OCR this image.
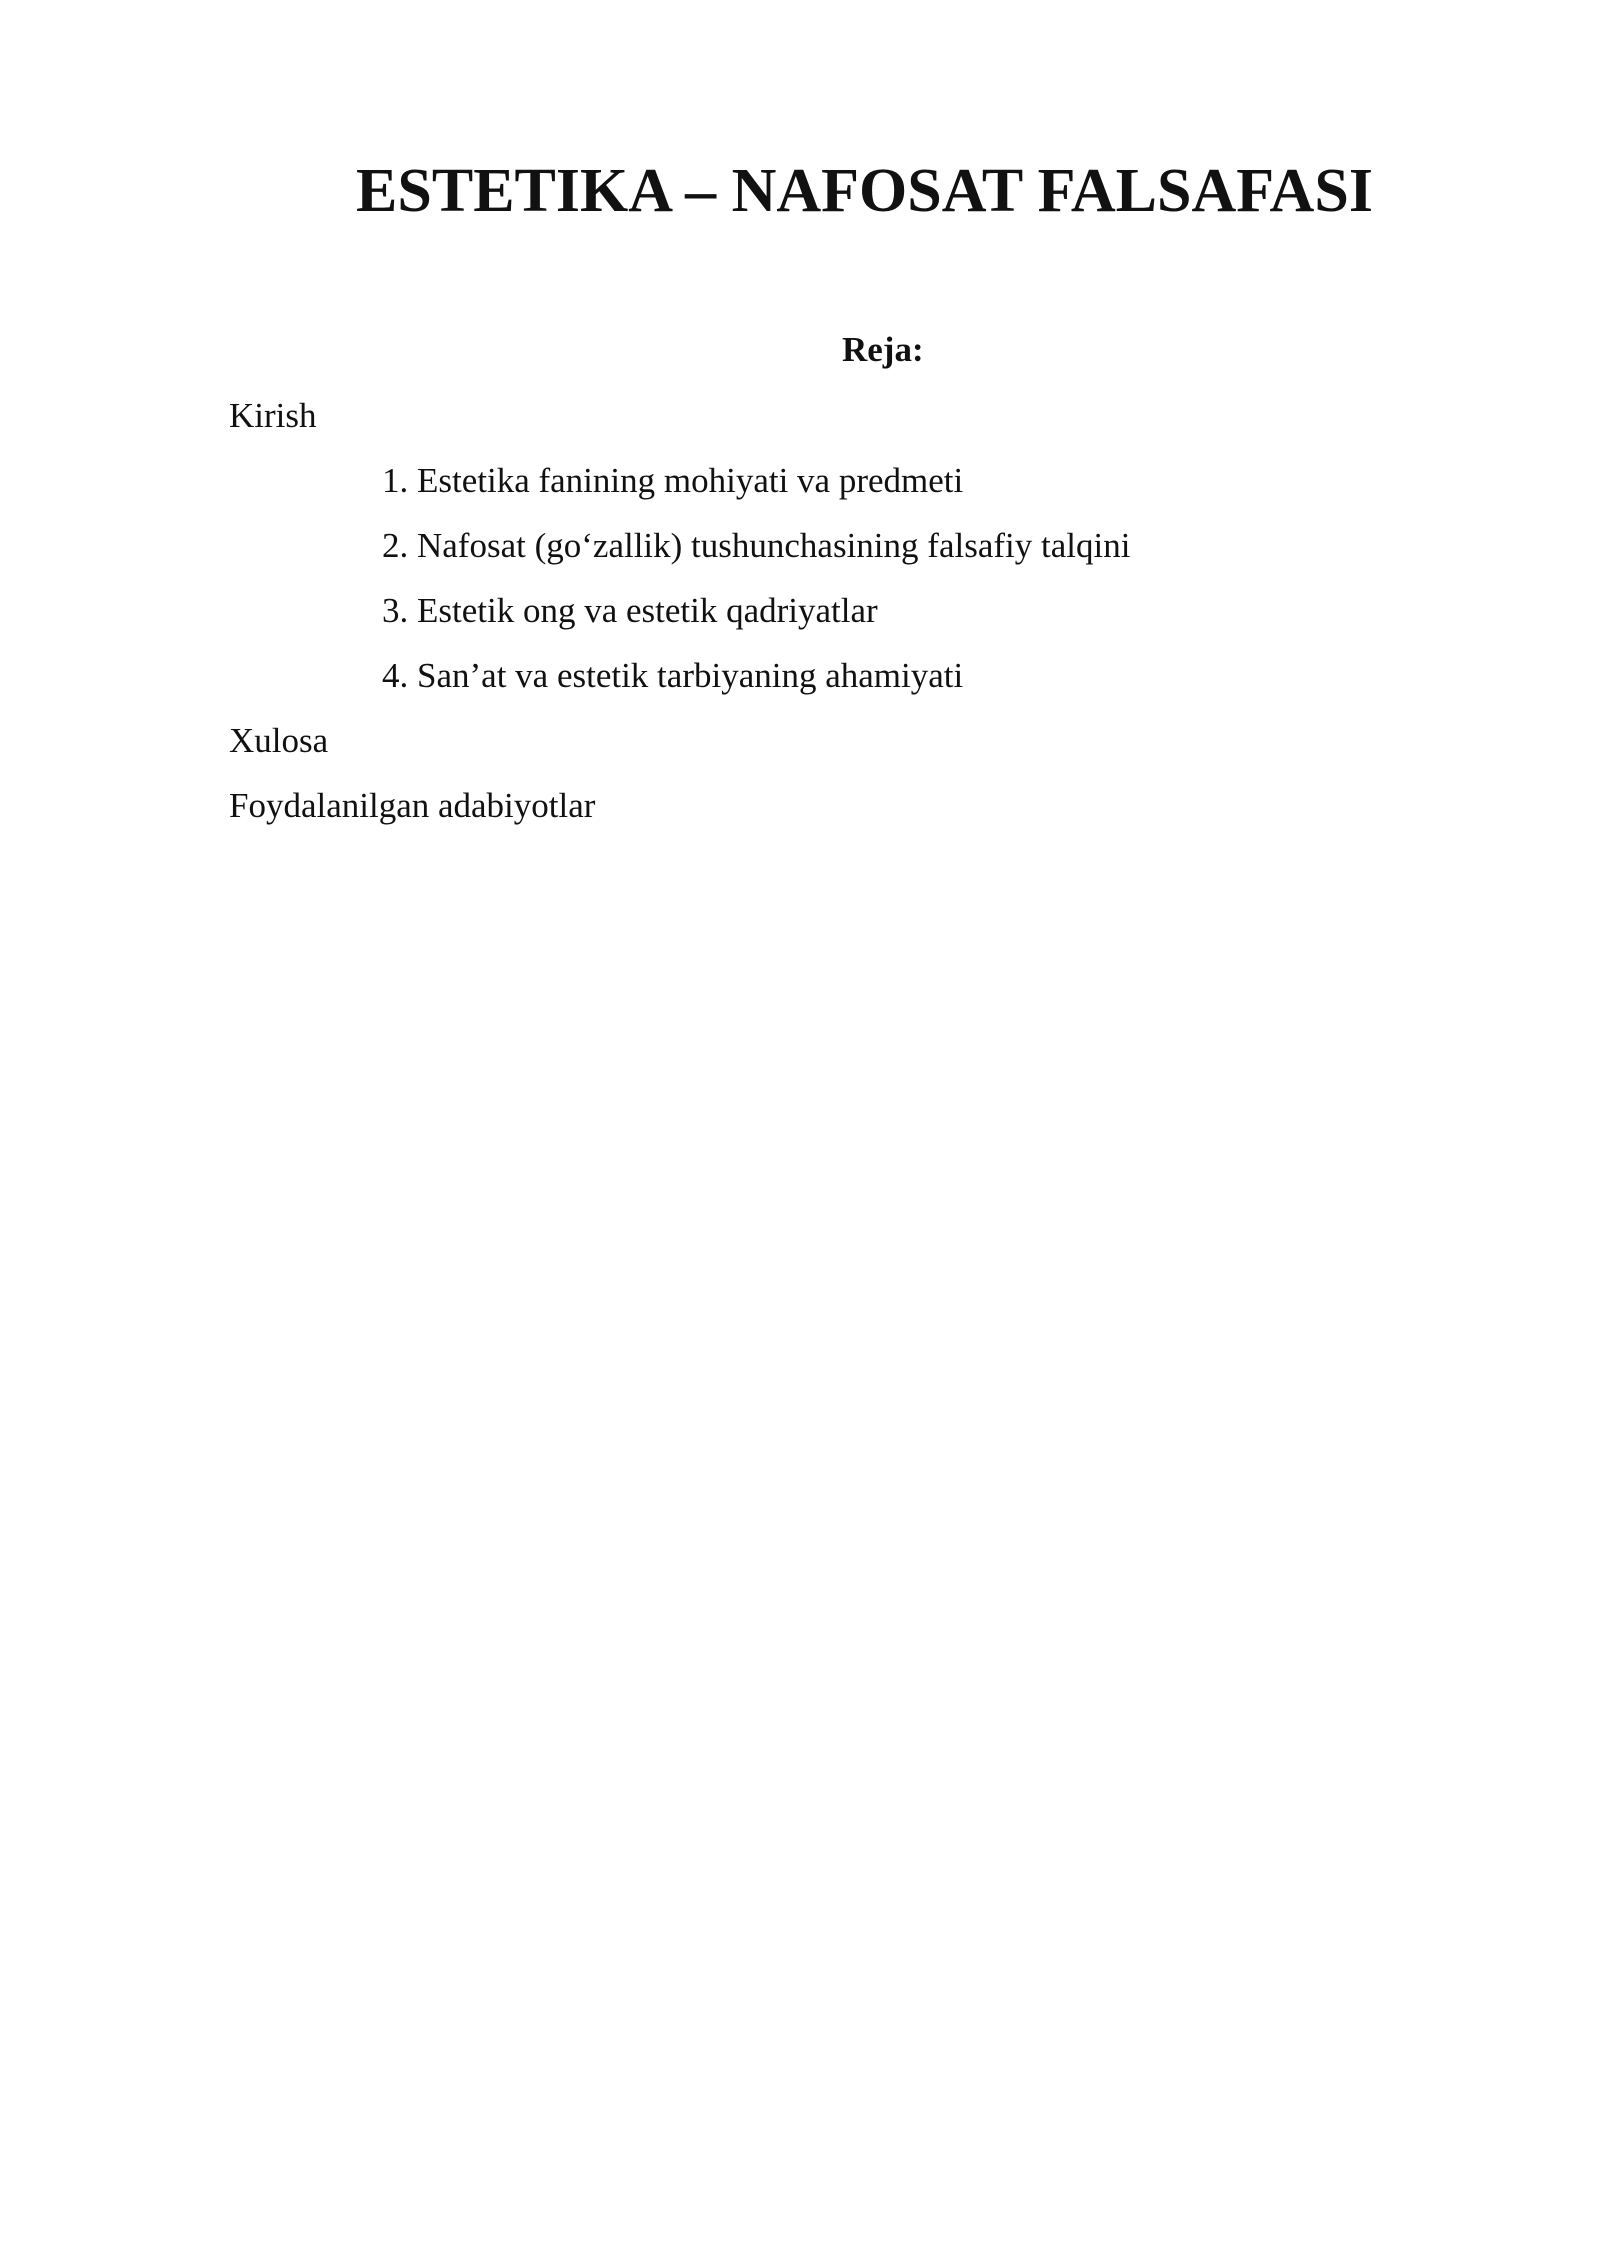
ESTETIKA – NAFOSAT FALSAFASI

Reja:

Kirish

1. Estetika fanining mohiyati va predmeti

2. Nafosat (go‘zallik) tushunchasining falsafiy talqini

3. Estetik ong va estetik qadriyatlar

4. San’at va estetik tarbiyaning ahamiyati

Xulosa

Foydalanilgan adabiyotlar
